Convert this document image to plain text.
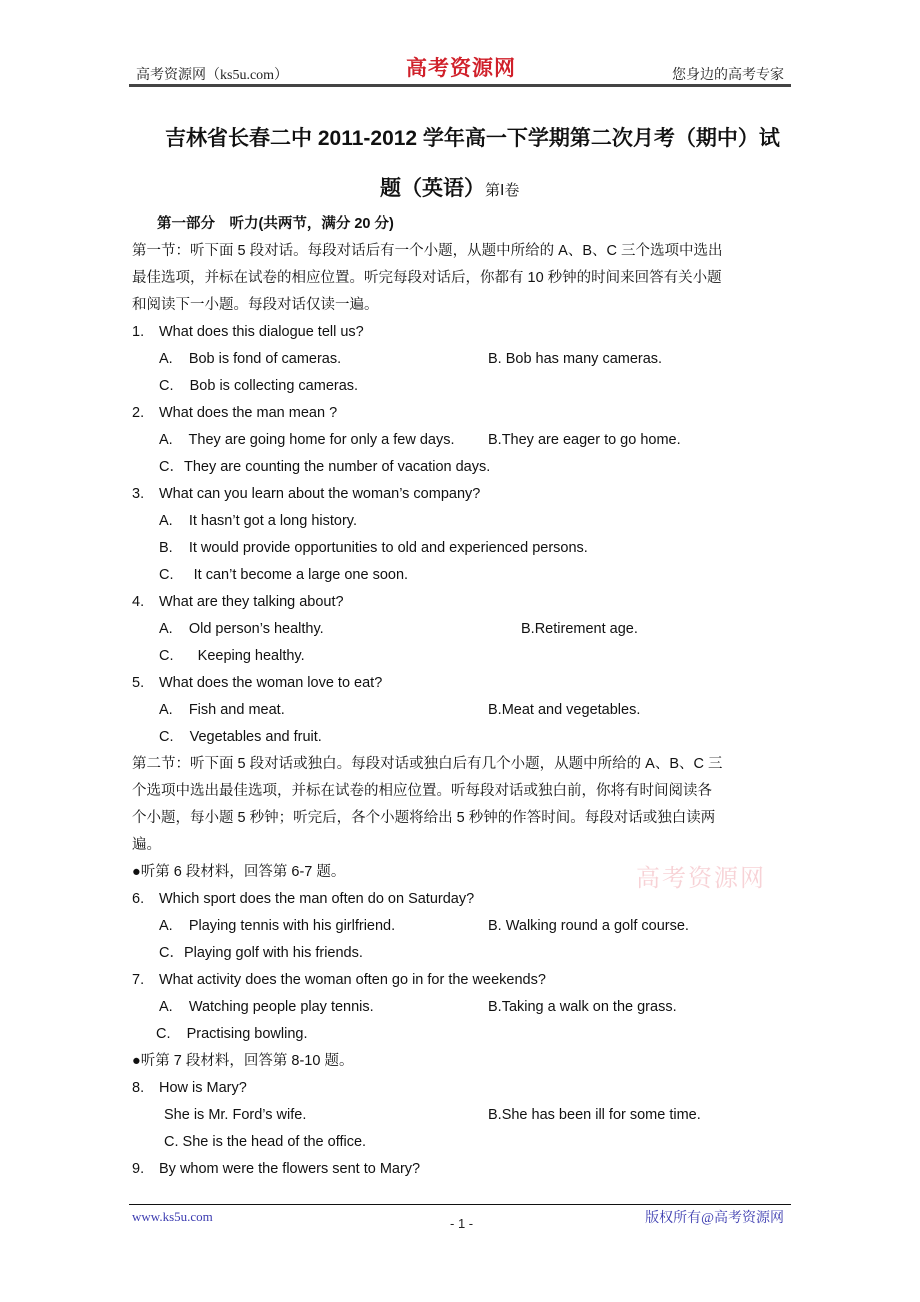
高考资源网（ks5u.com）	高考资源网	您身边的高考专家
吉林省长春二中 2011-2012 学年高一下学期第二次月考（期中）试
题（英语）第Ⅰ卷
第一部分　听力(共两节，满分 20 分)
第一节：听下面 5 段对话。每段对话后有一个小题，从题中所给的 A、B、C 三个选项中选出
最佳选项，并标在试卷的相应位置。听完每段对话后，你都有 10 秒钟的时间来回答有关小题
和阅读下一小题。每段对话仅读一遍。
1. What does this dialogue tell us?
A.    Bob is fond of cameras.	B. Bob has many cameras.
C.    Bob is collecting cameras.
2. What does the man mean ?
A.    They are going home for only a few days. B.They are eager to go home.
C．They are counting the number of vacation days.
3. What can you learn about the woman’s company?
A.    It hasn’t got a long history.
B.    It would provide opportunities to old and experienced persons.
C.     It can’t become a large one soon.
4. What are they talking about?
A.    Old person’s healthy.	B.Retirement age.
C.      Keeping healthy.
5. What does the woman love to eat?
A.    Fish and meat.	B.Meat and vegetables.
C.    Vegetables and fruit.
第二节：听下面 5 段对话或独白。每段对话或独白后有几个小题，从题中所给的 A、B、C 三
个选项中选出最佳选项，并标在试卷的相应位置。听每段对话或独白前，你将有时间阅读各
个小题，每小题 5 秒钟；听完后，各个小题将给出 5 秒钟的作答时间。每段对话或独白读两
遍。
●听第 6 段材料，回答第 6-7 题。	高考资源网
6. Which sport does the man often do on Saturday?
A.    Playing tennis with his girlfriend.	B. Walking round a golf course.
C．Playing golf with his friends.
7. What activity does the woman often go in for the weekends?
A.    Watching people play tennis.	B.Taking a walk on the grass.
C.    Practising bowling.
●听第 7 段材料，回答第 8-10 题。
8. How is Mary?
She is Mr. Ford’s wife.	B.She has been ill for some time.
C. She is the head of the office.
9. By whom were the flowers sent to Mary?
www.ks5u.com	- 1 -	版权所有@高考资源网
